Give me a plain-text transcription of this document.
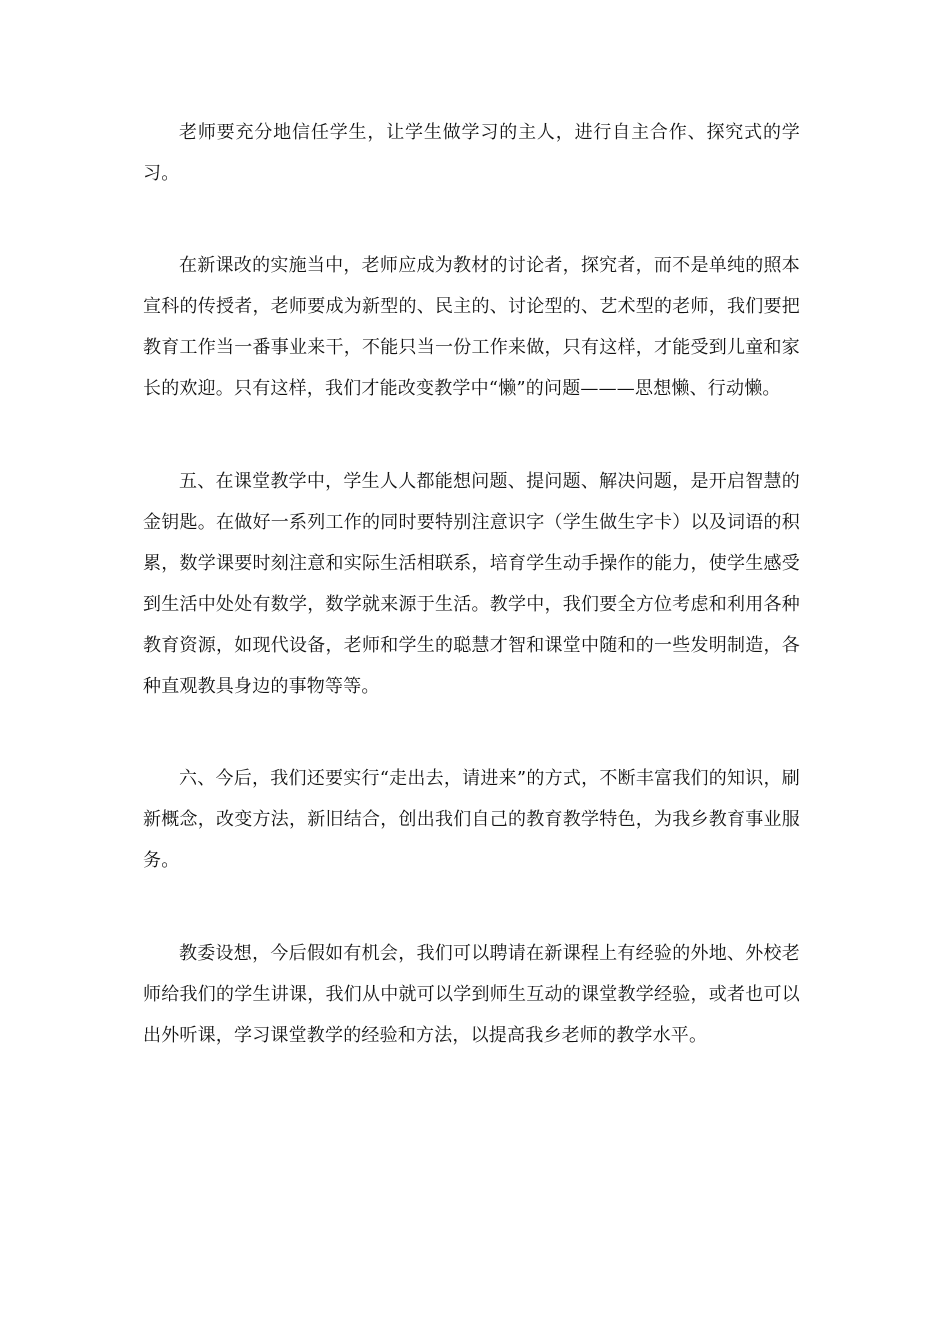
老师要充分地信任学生，让学生做学习的主人，进行自主合作、探究式的学习。

在新课改的实施当中，老师应成为教材的讨论者，探究者，而不是单纯的照本宣科的传授者，老师要成为新型的、民主的、讨论型的、艺术型的老师，我们要把教育工作当一番事业来干，不能只当一份工作来做，只有这样，才能受到儿童和家长的欢迎。只有这样，我们才能改变教学中“懒”的问题———思想懒、行动懒。

五、在课堂教学中，学生人人都能想问题、提问题、解决问题，是开启智慧的金钥匙。在做好一系列工作的同时要特别注意识字（学生做生字卡）以及词语的积累，数学课要时刻注意和实际生活相联系，培育学生动手操作的能力，使学生感受到生活中处处有数学，数学就来源于生活。教学中，我们要全方位考虑和利用各种教育资源，如现代设备，老师和学生的聪慧才智和课堂中随和的一些发明制造，各种直观教具身边的事物等等。

六、今后，我们还要实行“走出去，请进来”的方式，不断丰富我们的知识，刷新概念，改变方法，新旧结合，创出我们自己的教育教学特色，为我乡教育事业服务。

教委设想，今后假如有机会，我们可以聘请在新课程上有经验的外地、外校老师给我们的学生讲课，我们从中就可以学到师生互动的课堂教学经验，或者也可以出外听课，学习课堂教学的经验和方法，以提高我乡老师的教学水平。
